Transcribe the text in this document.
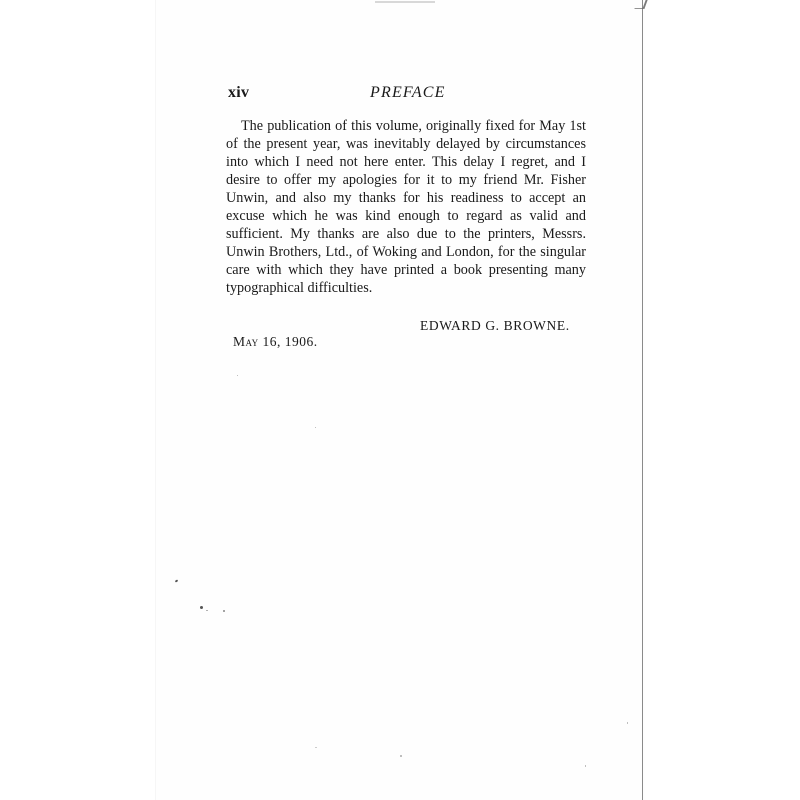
xiv	PREFACE

The publication of this volume, originally fixed for May 1st of the present year, was inevitably delayed by circumstances into which I need not here enter. This delay I regret, and I desire to offer my apologies for it to my friend Mr. Fisher Unwin, and also my thanks for his readiness to accept an excuse which he was kind enough to regard as valid and sufficient. My thanks are also due to the printers, Messrs. Unwin Brothers, Ltd., of Woking and London, for the singular care with which they have printed a book presenting many typographical difficulties.

EDWARD G. BROWNE.
May 16, 1906.
